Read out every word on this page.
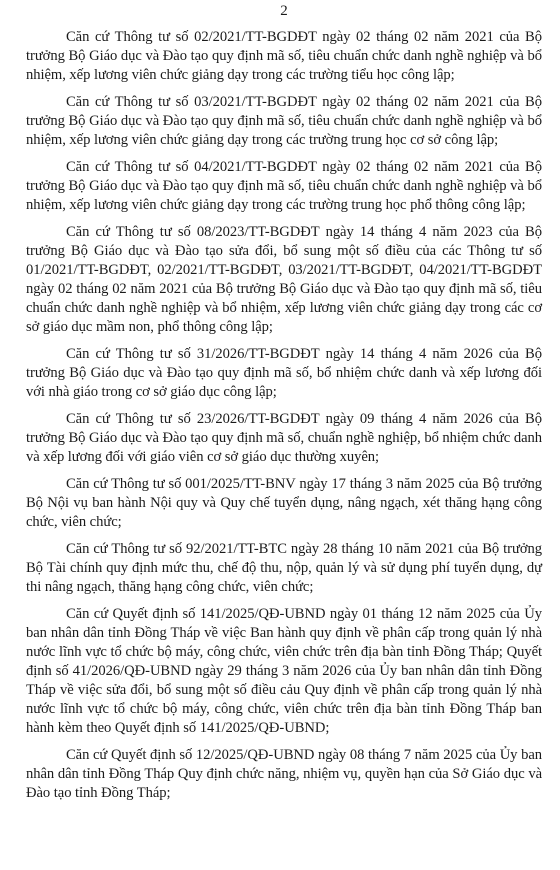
2

Căn cứ Thông tư số 02/2021/TT-BGDĐT ngày 02 tháng 02 năm 2021 của Bộ trưởng Bộ Giáo dục và Đào tạo quy định mã số, tiêu chuẩn chức danh nghề nghiệp và bổ nhiệm, xếp lương viên chức giảng dạy trong các trường tiểu học công lập;

Căn cứ Thông tư số 03/2021/TT-BGDĐT ngày 02 tháng 02 năm 2021 của Bộ trưởng Bộ Giáo dục và Đào tạo quy định mã số, tiêu chuẩn chức danh nghề nghiệp và bổ nhiệm, xếp lương viên chức giảng dạy trong các trường trung học cơ sở công lập;

Căn cứ Thông tư số 04/2021/TT-BGDĐT ngày 02 tháng 02 năm 2021 của Bộ trưởng Bộ Giáo dục và Đào tạo quy định mã số, tiêu chuẩn chức danh nghề nghiệp và bổ nhiệm, xếp lương viên chức giảng dạy trong các trường trung học phổ thông công lập;

Căn cứ Thông tư số 08/2023/TT-BGDĐT ngày 14 tháng 4 năm 2023 của Bộ trưởng Bộ Giáo dục và Đào tạo sửa đổi, bổ sung một số điều của các Thông tư số 01/2021/TT-BGDĐT, 02/2021/TT-BGDĐT, 03/2021/TT-BGDĐT, 04/2021/TT-BGDĐT ngày 02 tháng 02 năm 2021 của Bộ trưởng Bộ Giáo dục và Đào tạo quy định mã số, tiêu chuẩn chức danh nghề nghiệp và bổ nhiệm, xếp lương viên chức giảng dạy trong các cơ sở giáo dục mầm non, phổ thông công lập;

Căn cứ Thông tư số 31/2026/TT-BGDĐT ngày 14 tháng 4 năm 2026 của Bộ trưởng Bộ Giáo dục và Đào tạo quy định mã số, bổ nhiệm chức danh và xếp lương đối với nhà giáo trong cơ sở giáo dục công lập;

Căn cứ Thông tư số 23/2026/TT-BGDĐT ngày 09 tháng 4 năm 2026 của Bộ trưởng Bộ Giáo dục và Đào tạo quy định mã số, chuẩn nghề nghiệp, bổ nhiệm chức danh và xếp lương đối với giáo viên cơ sở giáo dục thường xuyên;

Căn cứ Thông tư số 001/2025/TT-BNV ngày 17 tháng 3 năm 2025 của Bộ trưởng Bộ Nội vụ ban hành Nội quy và Quy chế tuyển dụng, nâng ngạch, xét thăng hạng công chức, viên chức;

Căn cứ Thông tư số 92/2021/TT-BTC ngày 28 tháng 10 năm 2021 của Bộ trưởng Bộ Tài chính quy định mức thu, chế độ thu, nộp, quản lý và sử dụng phí tuyển dụng, dự thi nâng ngạch, thăng hạng công chức, viên chức;

Căn cứ Quyết định số 141/2025/QĐ-UBND ngày 01 tháng 12 năm 2025 của Ủy ban nhân dân tỉnh Đồng Tháp về việc Ban hành quy định về phân cấp trong quản lý nhà nước lĩnh vực tổ chức bộ máy, công chức, viên chức trên địa bàn tỉnh Đồng Tháp; Quyết định số 41/2026/QĐ-UBND ngày 29 tháng 3 năm 2026 của Ủy ban nhân dân tỉnh Đồng Tháp về việc sửa đổi, bổ sung một số điều cảu Quy định về phân cấp trong quản lý nhà nước lĩnh vực tổ chức bộ máy, công chức, viên chức trên địa bàn tỉnh Đồng Tháp ban hành kèm theo Quyết định số 141/2025/QĐ-UBND;

Căn cứ Quyết định số 12/2025/QĐ-UBND ngày 08 tháng 7 năm 2025 của Ủy ban nhân dân tỉnh Đồng Tháp Quy định chức năng, nhiệm vụ, quyền hạn của Sở Giáo dục và Đào tạo tỉnh Đồng Tháp;
